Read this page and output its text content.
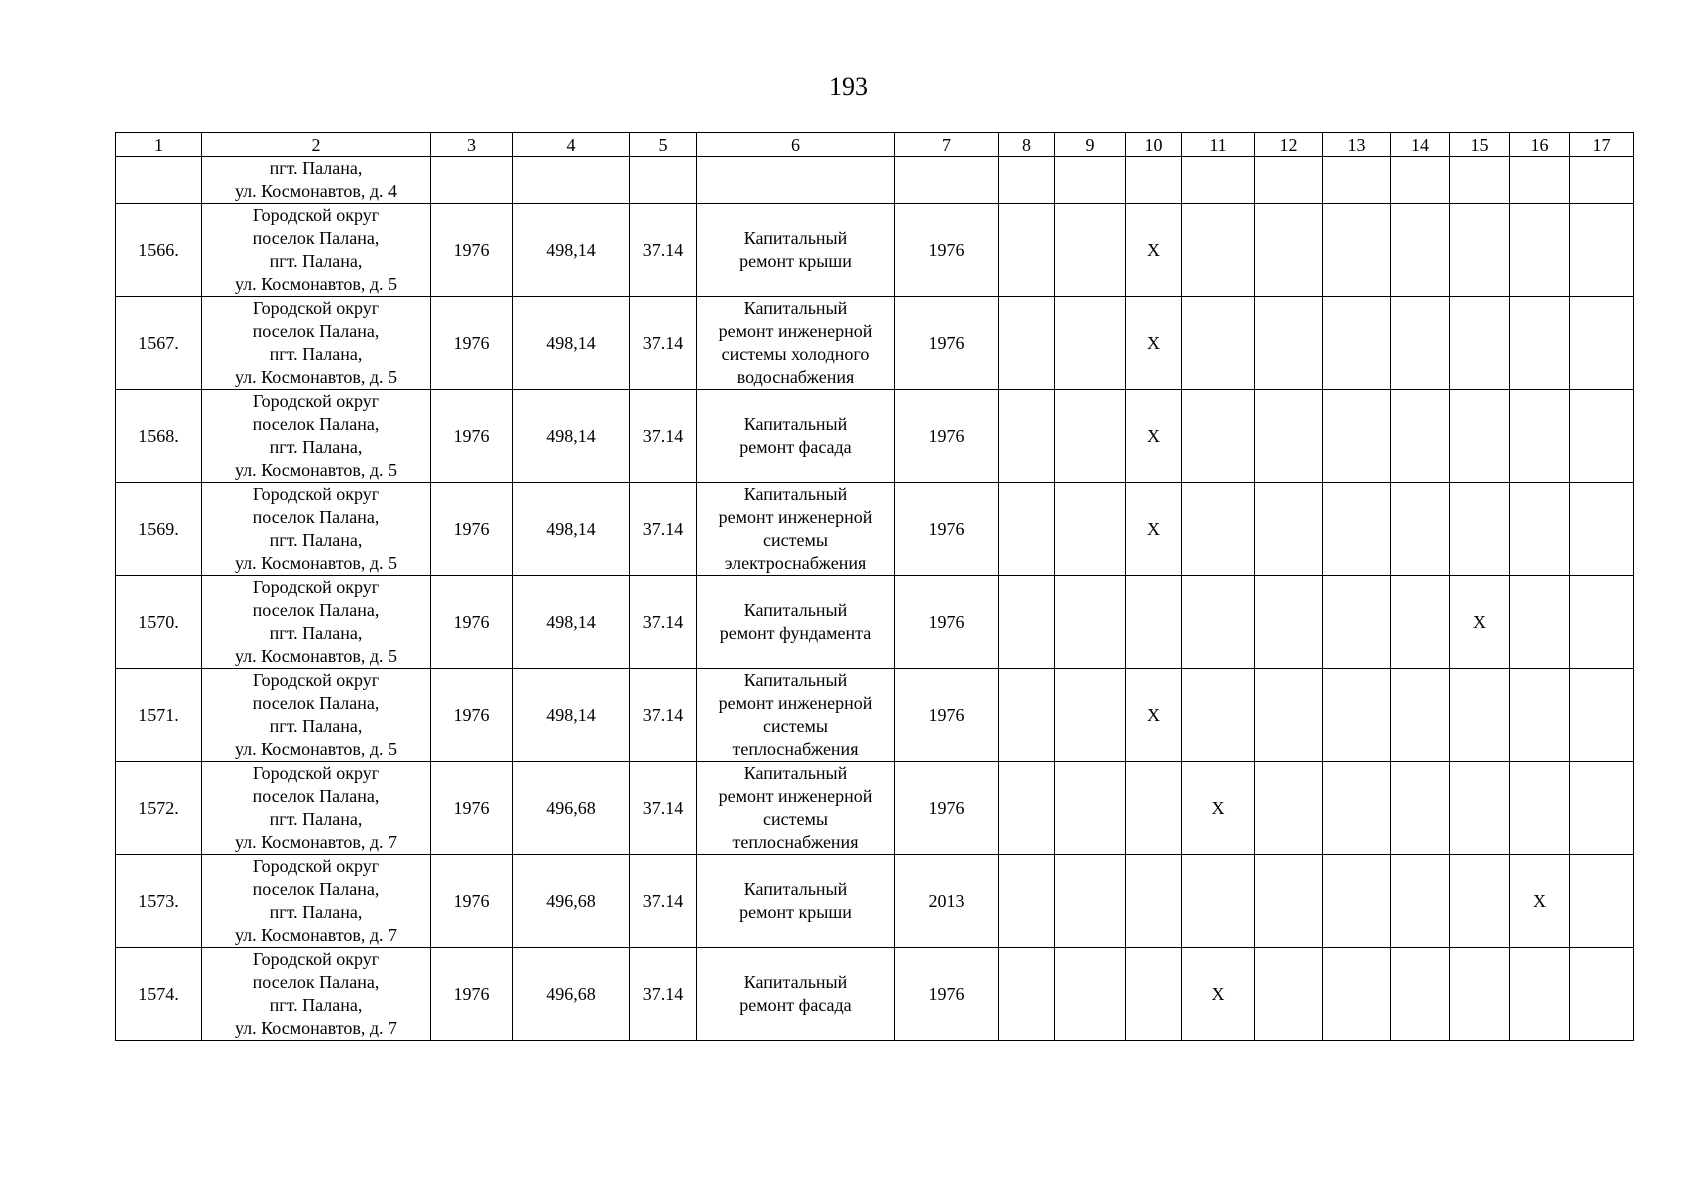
193
1	2	3	4	5	6	7	8	9	10	11	12	13	14	15	16	17
	пгт. Палана,
ул. Космонавтов, д. 4															
1566.	Городской округ
поселок Палана,
пгт. Палана,
ул. Космонавтов, д. 5	1976	498,14	37.14	Капитальный
ремонт крыши	1976			X							
1567.	Городской округ
поселок Палана,
пгт. Палана,
ул. Космонавтов, д. 5	1976	498,14	37.14	Капитальный
ремонт инженерной
системы холодного
водоснабжения	1976			X							
1568.	Городской округ
поселок Палана,
пгт. Палана,
ул. Космонавтов, д. 5	1976	498,14	37.14	Капитальный
ремонт фасада	1976			X							
1569.	Городской округ
поселок Палана,
пгт. Палана,
ул. Космонавтов, д. 5	1976	498,14	37.14	Капитальный
ремонт инженерной
системы
электроснабжения	1976			X							
1570.	Городской округ
поселок Палана,
пгт. Палана,
ул. Космонавтов, д. 5	1976	498,14	37.14	Капитальный
ремонт фундамента	1976								X		
1571.	Городской округ
поселок Палана,
пгт. Палана,
ул. Космонавтов, д. 5	1976	498,14	37.14	Капитальный
ремонт инженерной
системы
теплоснабжения	1976			X							
1572.	Городской округ
поселок Палана,
пгт. Палана,
ул. Космонавтов, д. 7	1976	496,68	37.14	Капитальный
ремонт инженерной
системы
теплоснабжения	1976				X						
1573.	Городской округ
поселок Палана,
пгт. Палана,
ул. Космонавтов, д. 7	1976	496,68	37.14	Капитальный
ремонт крыши	2013									X	
1574.	Городской округ
поселок Палана,
пгт. Палана,
ул. Космонавтов, д. 7	1976	496,68	37.14	Капитальный
ремонт фасада	1976				X						
